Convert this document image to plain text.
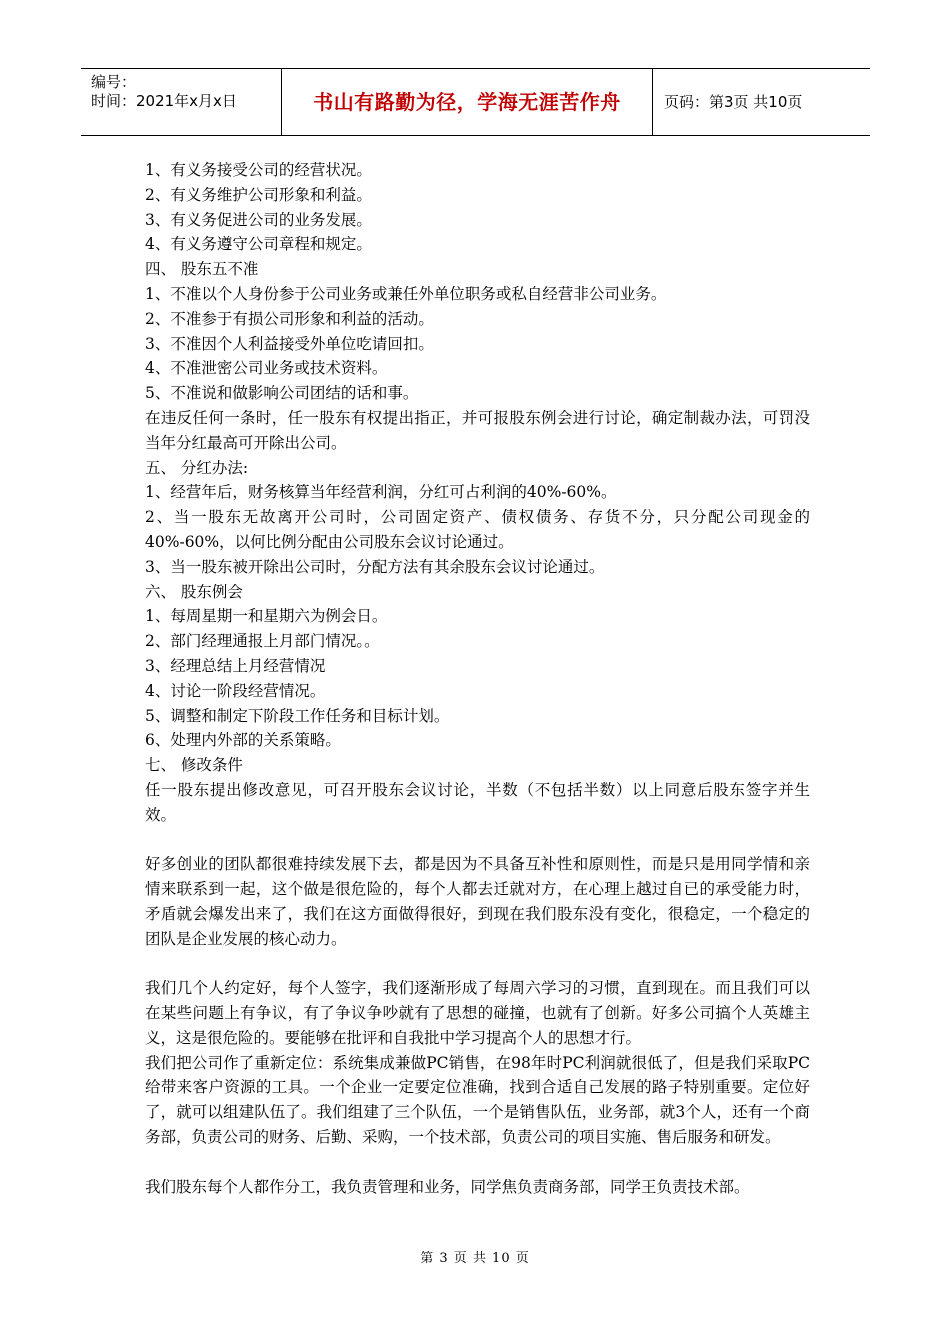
编号：
时间：2021年x月x日	书山有路勤为径，学海无涯苦作舟	页码：第3页 共10页

1、有义务接受公司的经营状况。

2、有义务维护公司形象和利益。

3、有义务促进公司的业务发展。

4、有义务遵守公司章程和规定。

四、 股东五不准

1、不准以个人身份参于公司业务或兼任外单位职务或私自经营非公司业务。

2、不准参于有损公司形象和利益的活动。

3、不准因个人利益接受外单位吃请回扣。

4、不准泄密公司业务或技术资料。

5、不准说和做影响公司团结的话和事。

在违反任何一条时，任一股东有权提出指正，并可报股东例会进行讨论，确定制裁办法，可罚没当年分红最高可开除出公司。

五、 分红办法:

1、经营年后，财务核算当年经营利润，分红可占利润的40%-60%。

2、当一股东无故离开公司时，公司固定资产、债权债务、存货不分，只分配公司现金的40%-60%，以何比例分配由公司股东会议讨论通过。

3、当一股东被开除出公司时，分配方法有其余股东会议讨论通过。

六、 股东例会

1、每周星期一和星期六为例会日。

2、部门经理通报上月部门情况。。

3、经理总结上月经营情况

4、讨论一阶段经营情况。

5、调整和制定下阶段工作任务和目标计划。

6、处理内外部的关系策略。

七、 修改条件

任一股东提出修改意见，可召开股东会议讨论，半数（不包括半数）以上同意后股东签字并生效。

好多创业的团队都很难持续发展下去，都是因为不具备互补性和原则性，而是只是用同学情和亲情来联系到一起，这个做是很危险的，每个人都去迁就对方，在心理上越过自已的承受能力时，矛盾就会爆发出来了，我们在这方面做得很好，到现在我们股东没有变化，很稳定，一个稳定的团队是企业发展的核心动力。

我们几个人约定好，每个人签字，我们逐渐形成了每周六学习的习惯，直到现在。而且我们可以在某些问题上有争议，有了争议争吵就有了思想的碰撞，也就有了创新。好多公司搞个人英雄主义，这是很危险的。要能够在批评和自我批中学习提高个人的思想才行。

我们把公司作了重新定位：系统集成兼做PC销售，在98年时PC利润就很低了，但是我们采取PC给带来客户资源的工具。一个企业一定要定位准确，找到合适自己发展的路子特别重要。定位好了，就可以组建队伍了。我们组建了三个队伍，一个是销售队伍，业务部，就3个人，还有一个商务部，负责公司的财务、后勤、采购，一个技术部，负责公司的项目实施、售后服务和研发。

我们股东每个人都作分工，我负责管理和业务，同学焦负责商务部，同学王负责技术部。

第 3 页 共 10 页
